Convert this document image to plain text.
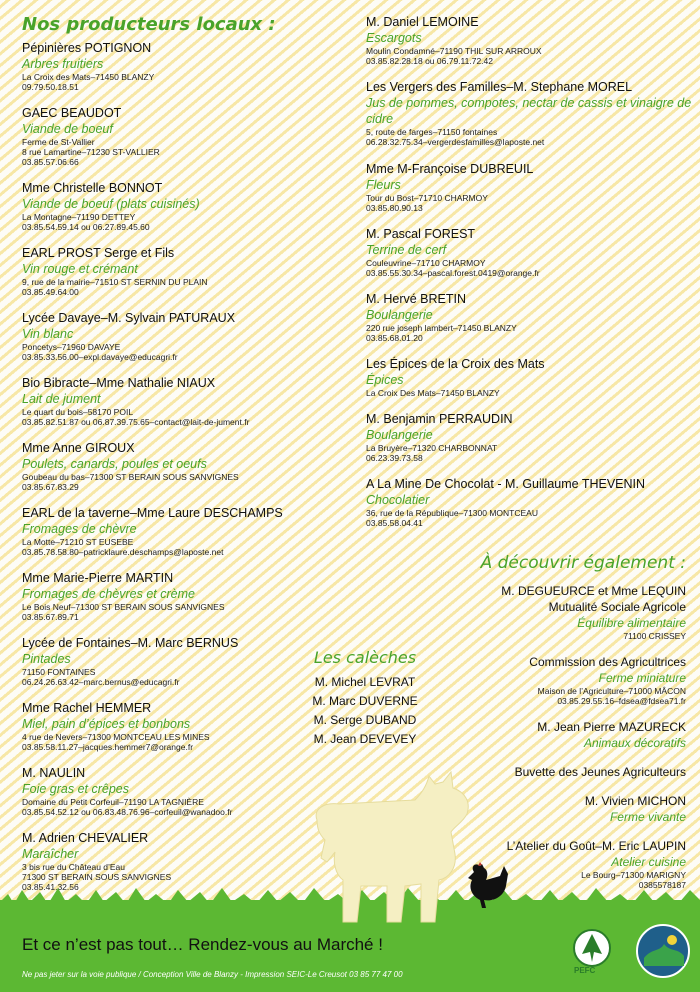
Nos producteurs locaux :
Pépinières POTIGNON
Arbres fruitiers
La Croix des Mats–71450 BLANZY
09.79.50.18.51
GAEC BEAUDOT
Viande de boeuf
Ferme de St-Vallier
8 rue Lamartine–71230 ST-VALLIER
03.85.57.06.66
Mme Christelle BONNOT
Viande de boeuf (plats cuisinés)
La Montagne–71190 DETTEY
03.85.54.59.14 ou 06.27.89.45.60
EARL PROST Serge et Fils
Vin rouge et crémant
9, rue de la mairie–71510 ST SERNIN DU PLAIN
03.85.49.64.00
Lycée Davaye–M. Sylvain PATURAUX
Vin blanc
Poncetys–71960 DAVAYE
03.85.33.56.00–expl.davaye@educagri.fr
Bio Bibracte–Mme Nathalie NIAUX
Lait de jument
Le quart du bois–58170 POIL
03.85.82.51.87 ou 06.87.39.75.65–contact@lait-de-jument.fr
Mme Anne GIROUX
Poulets, canards, poules et oeufs
Goubeau du bas–71300 ST BERAIN SOUS SANVIGNES
03.85.67.83.29
EARL de la taverne–Mme Laure DESCHAMPS
Fromages de chèvre
La Motte–71210 ST EUSEBE
03.85.78.58.80–patricklaure.deschamps@laposte.net
Mme Marie-Pierre MARTIN
Fromages de chèvres et crème
Le Bois Neuf–71300 ST BERAIN SOUS SANVIGNES
03.85.67.89.71
Lycée de Fontaines–M. Marc BERNUS
Pintades
71150 FONTAINES
06.24.26.63.42–marc.bernus@educagri.fr
Mme Rachel HEMMER
Miel, pain d’épices et bonbons
4 rue de Nevers–71300 MONTCEAU LES MINES
03.85.58.11.27–jacques.hemmer7@orange.fr
M. NAULIN
Foie gras et crêpes
Domaine du Petit Corfeuil–71190 LA TAGNIÈRE
03.85.54.52.12 ou 06.83.48.76.96–corfeuil@wanadoo.fr
M. Adrien CHEVALIER
Maraîcher
3 bis rue du Château d’Eau
71300 ST BERAIN SOUS SANVIGNES
03.85.41.32.56
M. Daniel LEMOINE
Escargots
Moulin Condamné–71190 THIL SUR ARROUX
03.85.82.28.18 ou 06.79.11.72.42
Les Vergers des Familles–M. Stephane MOREL
Jus de pommes, compotes, nectar de cassis et vinaigre de cidre
5, route de farges–71150 fontaines
06.28.32.75.34–vergerdesfamilles@laposte.net
Mme M-Françoise DUBREUIL
Fleurs
Tour du Bost–71710 CHARMOY
03.85.80.90.13
M. Pascal FOREST
Terrine de cerf
Couleuvrine–71710 CHARMOY
03.85.55.30.34–pascal.forest.0419@orange.fr
M. Hervé BRETIN
Boulangerie
220 rue joseph lambert–71450 BLANZY
03.85.68.01.20
Les Épices de la Croix des Mats
Épices
La Croix Des Mats–71450 BLANZY
M. Benjamin PERRAUDIN
Boulangerie
La Bruyère–71320 CHARBONNAT
06.23.39.73.58
A La Mine De Chocolat - M. Guillaume THEVENIN
Chocolatier
36, rue de la République–71300 MONTCEAU
03.85.58.04.41
Les calèches
M. Michel LEVRAT
M. Marc DUVERNE
M. Serge DUBAND
M. Jean DEVEVEY
À découvrir également :
M. DEGUEURCE et Mme LEQUIN
Mutualité Sociale Agricole
Équilibre alimentaire
71100 CRISSEY
Commission des Agricultrices
Ferme miniature
Maison de l’Agriculture–71000 MÂCON
03.85.29.55.16–fdsea@fdsea71.fr
M. Jean Pierre MAZURECK
Animaux décoratifs
Buvette des Jeunes Agriculteurs
M. Vivien MICHON
Ferme vivante
L’Atelier du Goût–M. Eric LAUPIN
Atelier cuisine
Le Bourg–71300 MARIGNY
0385578187
Et ce n’est pas tout… Rendez-vous au Marché !
Ne pas jeter sur la voie publique / Conception Ville de Blanzy - Impression SEIC-Le Creusot 03 85 77 47 00	PEFC
